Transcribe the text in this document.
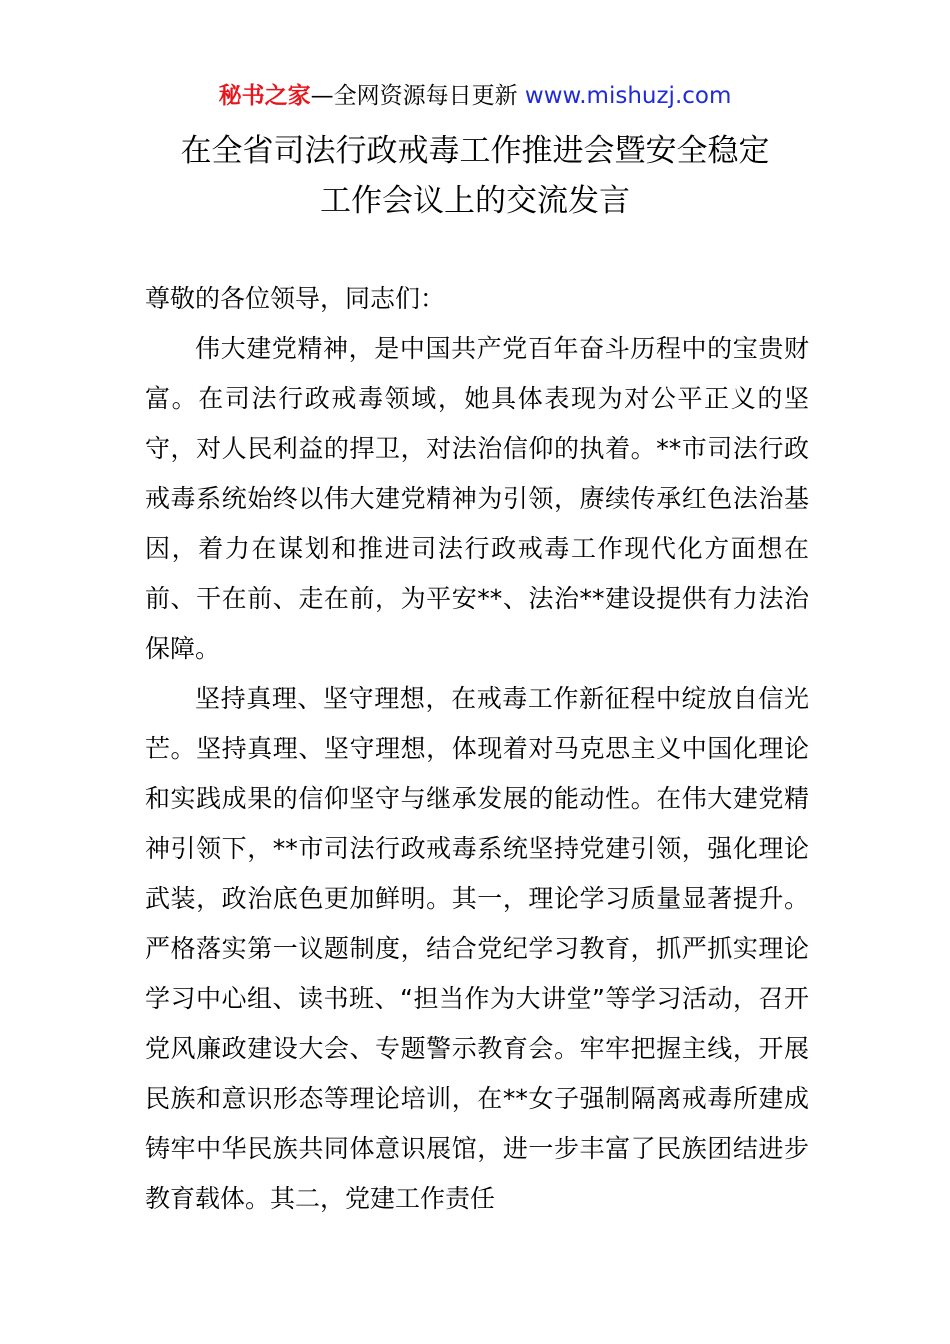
秘书之家—全网资源每日更新 www.mishuzj.com
在全省司法行政戒毒工作推进会暨安全稳定
工作会议上的交流发言

尊敬的各位领导，同志们：

伟大建党精神，是中国共产党百年奋斗历程中的宝贵财富。在司法行政戒毒领域，她具体表现为对公平正义的坚守，对人民利益的捍卫，对法治信仰的执着。**市司法行政戒毒系统始终以伟大建党精神为引领，赓续传承红色法治基因，着力在谋划和推进司法行政戒毒工作现代化方面想在前、干在前、走在前，为平安**、法治**建设提供有力法治保障。

坚持真理、坚守理想，在戒毒工作新征程中绽放自信光芒。坚持真理、坚守理想，体现着对马克思主义中国化理论和实践成果的信仰坚守与继承发展的能动性。在伟大建党精神引领下，**市司法行政戒毒系统坚持党建引领，强化理论武装，政治底色更加鲜明。其一，理论学习质量显著提升。严格落实第一议题制度，结合党纪学习教育，抓严抓实理论学习中心组、读书班、“担当作为大讲堂”等学习活动，召开党风廉政建设大会、专题警示教育会。牢牢把握主线，开展民族和意识形态等理论培训，在**女子强制隔离戒毒所建成铸牢中华民族共同体意识展馆，进一步丰富了民族团结进步教育载体。其二，党建工作责任
